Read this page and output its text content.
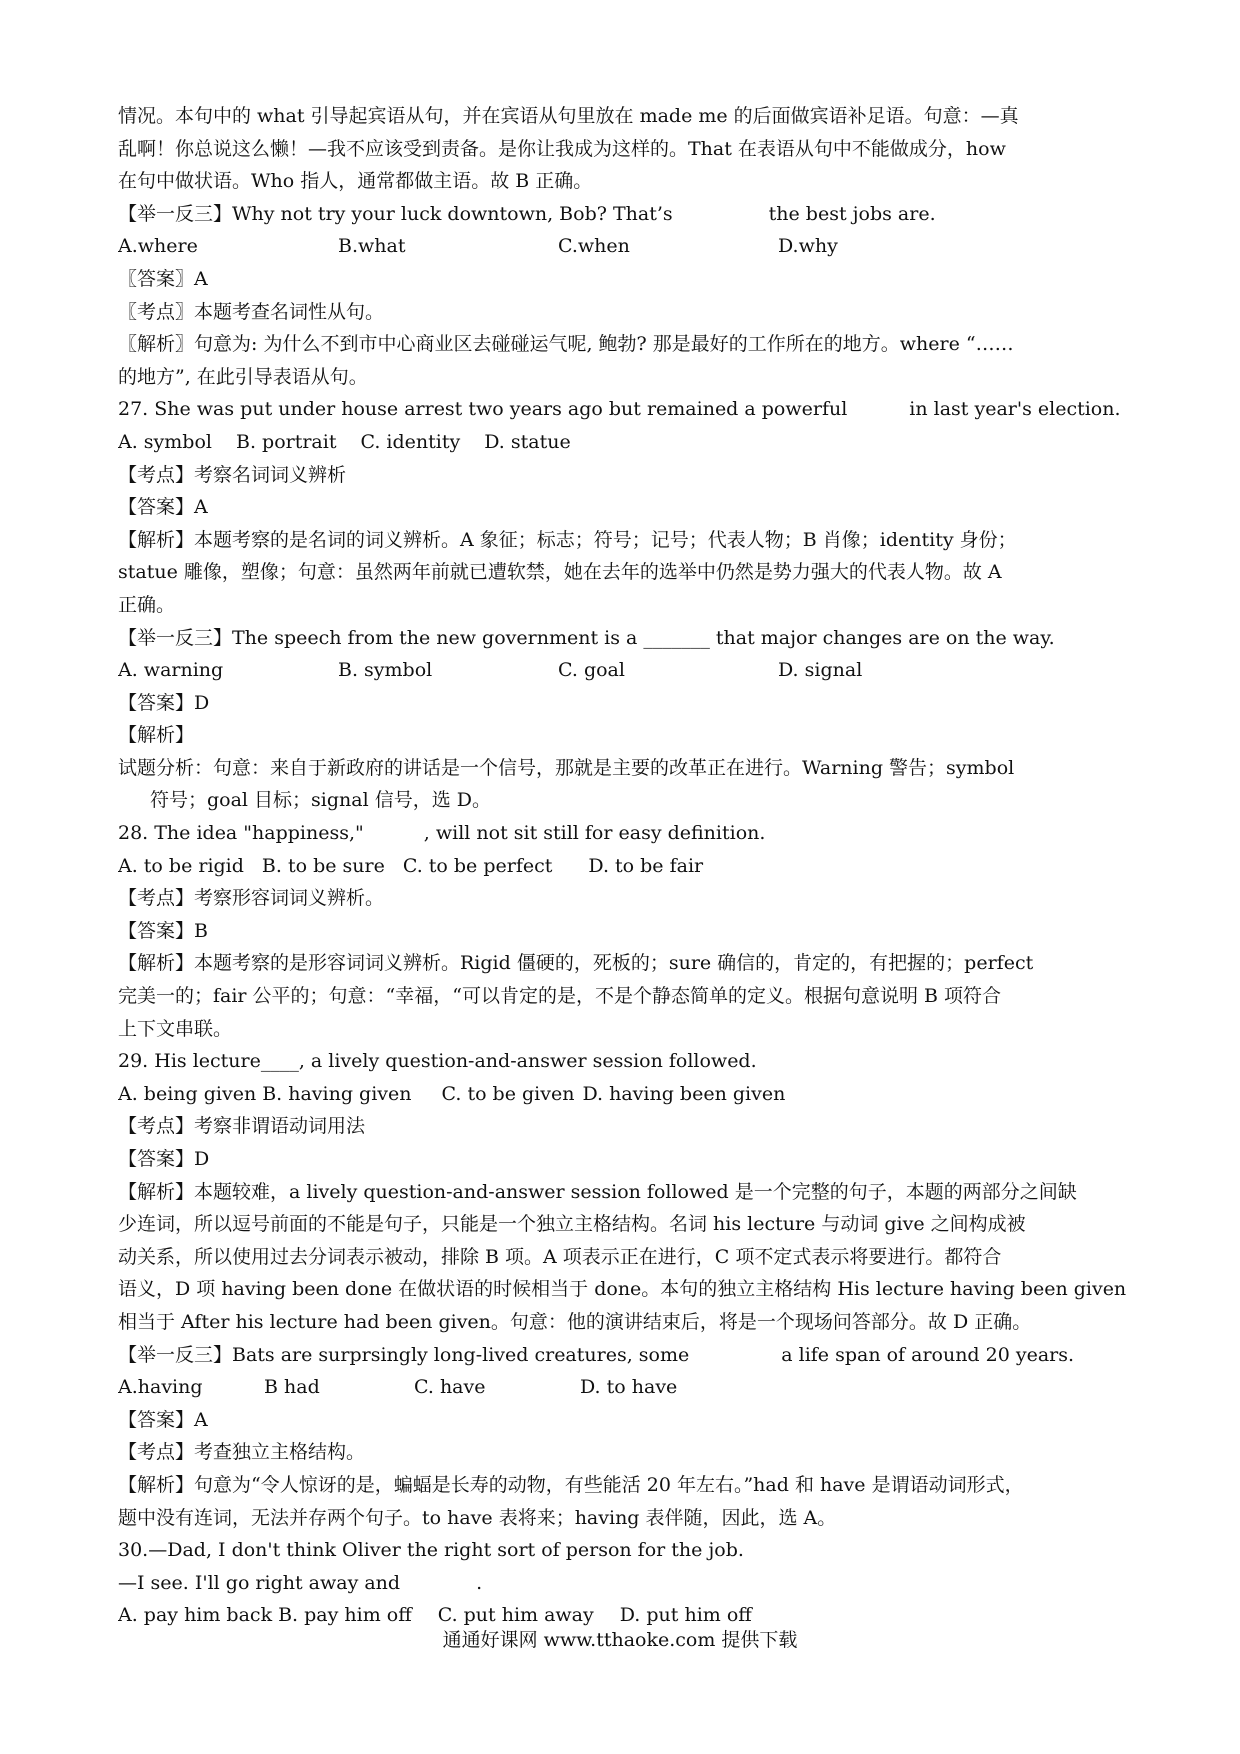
情况。本句中的 what 引导起宾语从句，并在宾语从句里放在 made me 的后面做宾语补足语。句意：—真
乱啊！你总说这么懒！—我不应该受到责备。是你让我成为这样的。That 在表语从句中不能做成分，how
在句中做状语。Who 指人，通常都做主语。故 B 正确。
【举一反三】Why not try your luck downtown, Bob? That’s	the best jobs are.
A.where	B.what	C.when	D.why
〖答案〗A
〖考点〗本题考查名词性从句。
〖解析〗句意为: 为什么不到市中心商业区去碰碰运气呢, 鲍勃? 那是最好的工作所在的地方。where “……
的地方”, 在此引导表语从句。
27. She was put under house arrest two years ago but remained a powerful	in last year's election.
A. symbol B. portrait C. identity D. statue
【考点】考察名词词义辨析
【答案】A
【解析】本题考察的是名词的词义辨析。A 象征；标志；符号；记号；代表人物；B 肖像；identity 身份；
statue 雕像，塑像；句意：虽然两年前就已遭软禁，她在去年的选举中仍然是势力强大的代表人物。故 A
正确。
【举一反三】The speech from the new government is a _______ that major changes are on the way.
A. warning	B. symbol	C. goal	D. signal
【答案】D
【解析】
试题分析：句意：来自于新政府的讲话是一个信号，那就是主要的改革正在进行。Warning 警告；symbol
符号；goal 目标；signal 信号，选 D。
28. The idea "happiness,"	, will not sit still for easy definition.
A. to be rigid B. to be sure C. to be perfect D. to be fair
【考点】考察形容词词义辨析。
【答案】B
【解析】本题考察的是形容词词义辨析。Rigid 僵硬的，死板的；sure 确信的，肯定的，有把握的；perfect
完美一的；fair 公平的；句意：“幸福，“可以肯定的是，不是个静态简单的定义。根据句意说明 B 项符合
上下文串联。
29. His lecture____, a lively question-and-answer session followed.
A. being given B. having given C. to be given D. having been given
【考点】考察非谓语动词用法
【答案】D
【解析】本题较难，a lively question-and-answer session followed 是一个完整的句子，本题的两部分之间缺
少连词，所以逗号前面的不能是句子，只能是一个独立主格结构。名词 his lecture 与动词 give 之间构成被
动关系，所以使用过去分词表示被动，排除 B 项。A 项表示正在进行，C 项不定式表示将要进行。都符合
语义，D 项 having been done 在做状语的时候相当于 done。本句的独立主格结构 His lecture having been given
相当于 After his lecture had been given。句意：他的演讲结束后，将是一个现场问答部分。故 D 正确。
【举一反三】Bats are surprsingly long-lived creatures, some	a life span of around 20 years.
A.having	B had	C. have	D. to have
【答案】A
【考点】考查独立主格结构。
【解析】句意为“令人惊讶的是，蝙蝠是长寿的动物，有些能活 20 年左右。”had 和 have 是谓语动词形式，
题中没有连词，无法并存两个句子。to have 表将来；having 表伴随，因此，选 A。
30.—Dad, I don't think Oliver the right sort of person for the job.
—I see. I'll go right away and	.
A. pay him back B. pay him off C. put him away D. put him off
通通好课网 www.tthaoke.com 提供下载
